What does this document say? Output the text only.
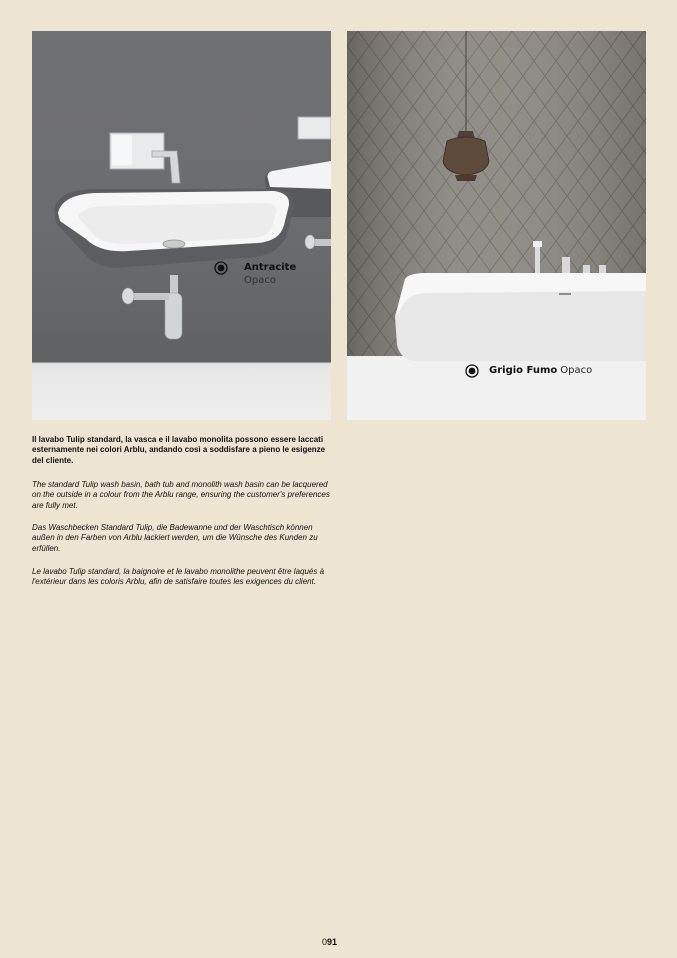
Antracite
Opaco
Grigio Fumo Opaco

Il lavabo Tulip standard, la vasca e il lavabo monolita possono essere laccati esternamente nei colori Arblu, andando così a soddisfare a pieno le esigenze del cliente.

The standard Tulip wash basin, bath tub and monolith wash basin can be lacquered on the outside in a colour from the Arblu range, ensuring the customer's preferences are fully met.

Das Waschbecken Standard Tulip, die Badewanne und der Waschtisch können außen in den Farben von Arblu lackiert werden, um die Wünsche des Kunden zu erfüllen.

Le lavabo Tulip standard, la baignoire et le lavabo monolithe peuvent être laqués à l'extérieur dans les coloris Arblu, afin de satisfaire toutes les exigences du client.

091
